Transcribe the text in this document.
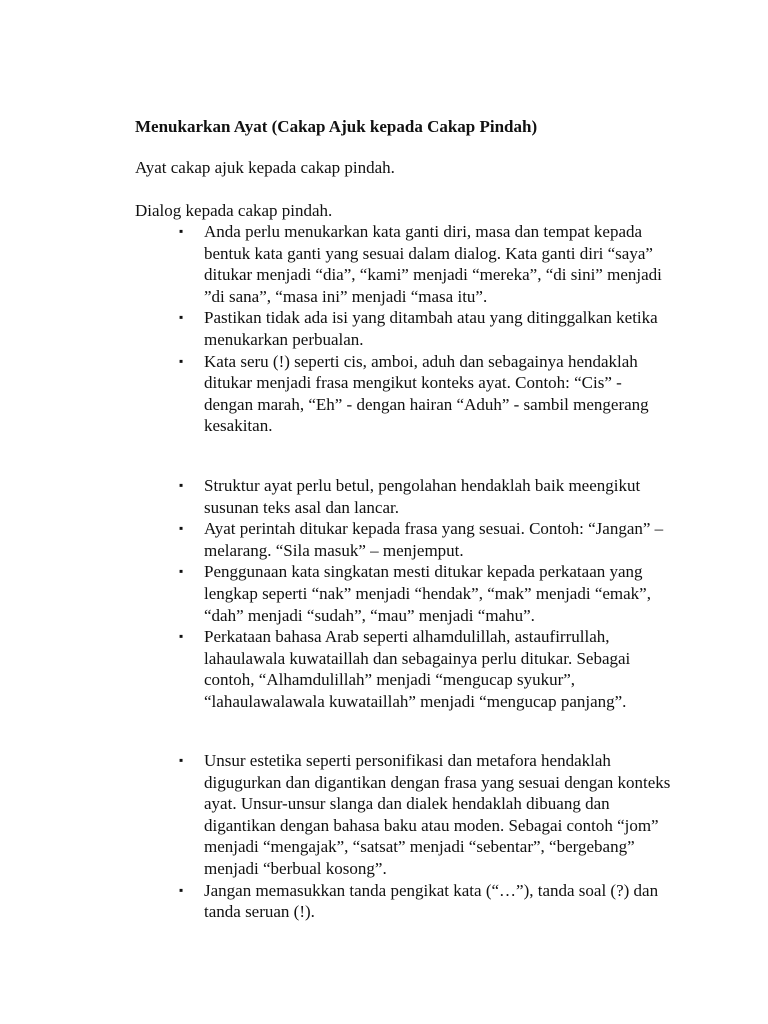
Menukarkan Ayat (Cakap Ajuk kepada Cakap Pindah)
Ayat cakap ajuk kepada cakap pindah.
Dialog kepada cakap pindah.
▪ Anda perlu menukarkan kata ganti diri, masa dan tempat kepada bentuk kata ganti yang sesuai dalam dialog. Kata ganti diri “saya” ditukar menjadi “dia”, “kami” menjadi “mereka”, “di sini” menjadi ”di sana”, “masa ini” menjadi “masa itu”.
▪ Pastikan tidak ada isi yang ditambah atau yang ditinggalkan ketika menukarkan perbualan.
▪ Kata seru (!) seperti cis, amboi, aduh dan sebagainya hendaklah ditukar menjadi frasa mengikut konteks ayat. Contoh: “Cis” - dengan marah, “Eh” - dengan hairan “Aduh” - sambil mengerang kesakitan.
▪ Struktur ayat perlu betul, pengolahan hendaklah baik meengikut susunan teks asal dan lancar.
▪ Ayat perintah ditukar kepada frasa yang sesuai. Contoh: “Jangan” – melarang. “Sila masuk” – menjemput.
▪ Penggunaan kata singkatan mesti ditukar kepada perkataan yang lengkap seperti “nak” menjadi “hendak”, “mak” menjadi “emak”, “dah” menjadi “sudah”, “mau” menjadi “mahu”.
▪ Perkataan bahasa Arab seperti alhamdulillah, astaufirrullah, lahaulawala kuwataillah dan sebagainya perlu ditukar. Sebagai contoh, “Alhamdulillah” menjadi “mengucap syukur”, “lahaulawalawala kuwataillah” menjadi “mengucap panjang”.
▪ Unsur estetika seperti personifikasi dan metafora hendaklah digugurkan dan digantikan dengan frasa yang sesuai dengan konteks ayat. Unsur-unsur slanga dan dialek hendaklah dibuang dan digantikan dengan bahasa baku atau moden. Sebagai contoh “jom” menjadi “mengajak”, “satsat” menjadi “sebentar”, “bergebang” menjadi “berbual kosong”.
▪ Jangan memasukkan tanda pengikat kata (“…”), tanda soal (?) dan tanda seruan (!).
